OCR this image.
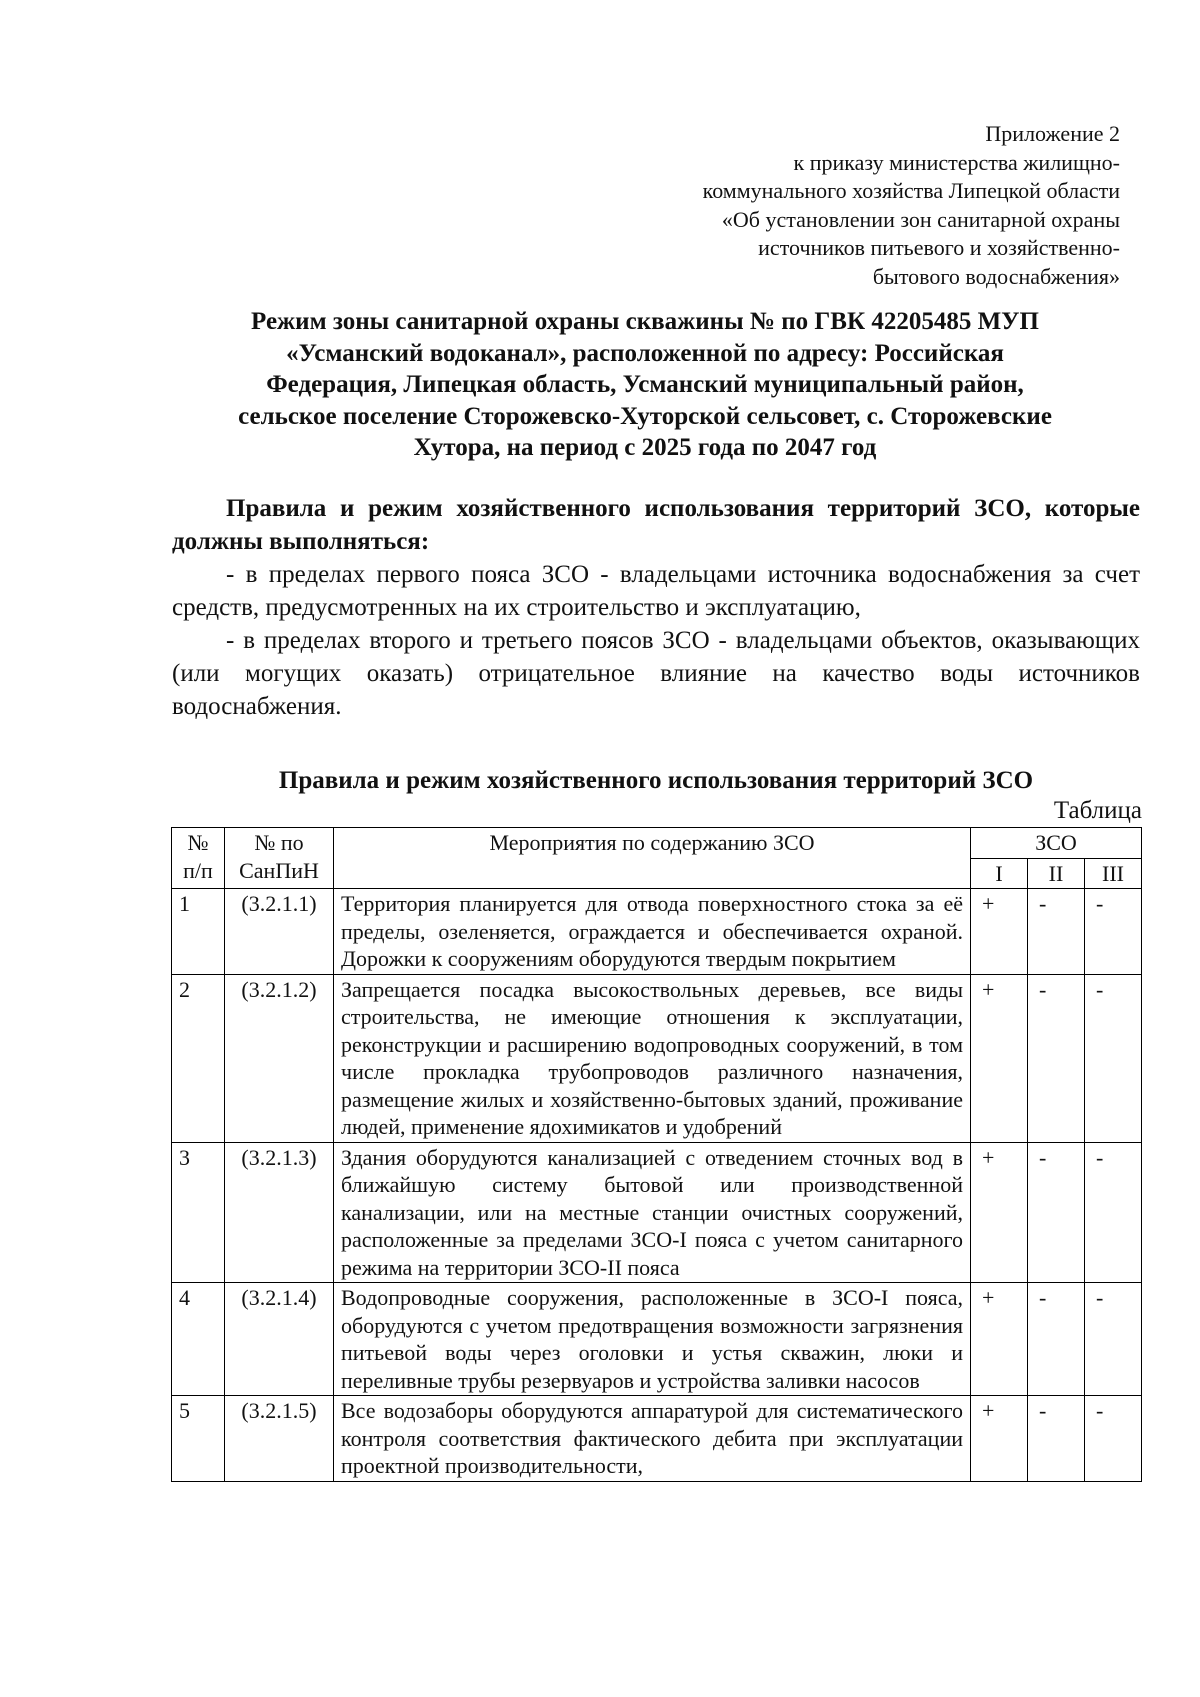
Приложение 2
к приказу министерства жилищно-
коммунального хозяйства Липецкой области
«Об установлении зон санитарной охраны
источников питьевого и хозяйственно-
бытового водоснабжения»
Режим зоны санитарной охраны скважины № по ГВК 42205485 МУП
«Усманский водоканал», расположенной по адресу: Российская
Федерация, Липецкая область, Усманский муниципальный район,
сельское поселение Сторожевско-Хуторской сельсовет, с. Сторожевские
Хутора, на период с 2025 года по 2047 год

Правила и режим хозяйственного использования территорий ЗСО, которые должны выполняться:

- в пределах первого пояса ЗСО - владельцами источника водоснабжения за счет средств, предусмотренных на их строительство и эксплуатацию,

- в пределах второго и третьего поясов ЗСО - владельцами объектов, оказывающих (или могущих оказать) отрицательное влияние на качество воды источников водоснабжения.

Правила и режим хозяйственного использования территорий ЗСО
Таблица
№ п/п	№ по СанПиН	Мероприятия по содержанию ЗСО	ЗСО		
			I	II	III
1	(3.2.1.1)	Территория планируется для отвода поверхностного стока за её пределы, озеленяется, ограждается и обеспечивается охраной. Дорожки к сооружениям оборудуются твердым покрытием	+	-	-
2	(3.2.1.2)	Запрещается посадка высокоствольных деревьев, все виды строительства, не имеющие отношения к эксплуатации, реконструкции и расширению водопроводных сооружений, в том числе прокладка трубопроводов различного назначения, размещение жилых и хозяйственно-бытовых зданий, проживание людей, применение ядохимикатов и удобрений	+	-	-
3	(3.2.1.3)	Здания оборудуются канализацией с отведением сточных вод в ближайшую систему бытовой или производственной канализации, или на местные станции очистных сооружений, расположенные за пределами ЗСО-I пояса с учетом санитарного режима на территории ЗСО-II пояса	+	-	-
4	(3.2.1.4)	Водопроводные сооружения, расположенные в ЗСО-I пояса, оборудуются с учетом предотвращения возможности загрязнения питьевой воды через оголовки и устья скважин, люки и переливные трубы резервуаров и устройства заливки насосов	+	-	-
5	(3.2.1.5)	Все водозаборы оборудуются аппаратурой для систематического контроля соответствия фактического дебита при эксплуатации проектной производительности,	+	-	-
